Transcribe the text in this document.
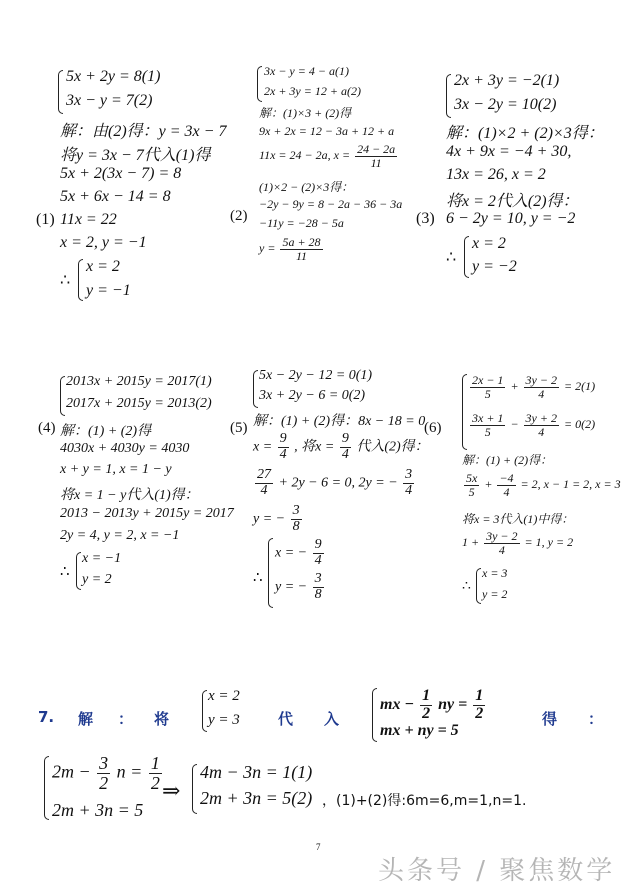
5x + 2y = 8(1)
3x − y = 7(2)
解：由(2)得：y = 3x − 7
将y = 3x − 7代入(1)得
5x + 2(3x − 7) = 8
5x + 6x − 14 = 8
(1) 11x = 22
x = 2, y = −1
∴
x = 2
y = −1
3x − y = 4 − a(1)
2x + 3y = 12 + a(2)
解：(1)×3 + (2)得
9x + 2x = 12 − 3a + 12 + a
11x = 24 − 2a, $x = \frac{24 - 2a}{11}$
(2)
(1)×2 − (2)×3得：
−2y − 9y = 8 − 2a − 36 − 3a
−11y = −28 − 5a
$y = \frac{5a + 28}{11}$
2x + 3y = −2(1)
3x − 2y = 10(2)
解：(1)×2 + (2)×3得：
4x + 9x = −4 + 30,
13x = 26, x = 2
将x = 2代入(2)得：
(3) 6 − 2y = 10, y = −2
∴
x = 2
y = −2
2013x + 2015y = 2017(1)
2017x + 2015y = 2013(2)
(4) 解：(1) + (2)得
4030x + 4030y = 4030
x + y = 1, x = 1 − y
将x = 1 − y代入(1)得：
2013 − 2013y + 2015y = 2017
2y = 4, y = 2, x = −1
∴
x = −1
y = 2
5x − 2y − 12 = 0(1)
3x + 2y − 6 = 0(2)
解：(1) + (2)得：8x − 18 = 0
(5)
$x = \frac{9}{4}$ , 将$x = \frac{9}{4}$ 代入(2)得：
$\frac{27}{4} + 2y - 6 = 0$, 2y = − $\frac{3}{4}$
y = − $\frac{3}{8}$
∴
x = − $\frac{9}{4}$
y = − $\frac{3}{8}$
$\frac{2x - 1}{5} + \frac{3y - 2}{4} = 2(1)$
$\frac{3x + 1}{5} - \frac{3y + 2}{4} = 0(2)$
(6)
解：(1) + (2)得：
$\frac{5x}{5} + \frac{-4}{4} = 2$, x − 1 = 2, x = 3
将x = 3代入(1)中得：
$1 + \frac{3y - 2}{4} = 1$, y = 2
∴
x = 3
y = 2
7. 解 ： 将	代 入	得 ：
x = 2
y = 3
mx − $\frac{1}{2}$ ny = $\frac{1}{2}$
mx + ny = 5
$2m - \frac{3}{2}$ $n = \frac{1}{2}$
2m + 3n = 5
⇒
4m − 3n = 1(1)
2m + 3n = 5(2) ，(1)+(2)得:6m=6,m=1,n=1.
7
头条号 / 聚焦数学
